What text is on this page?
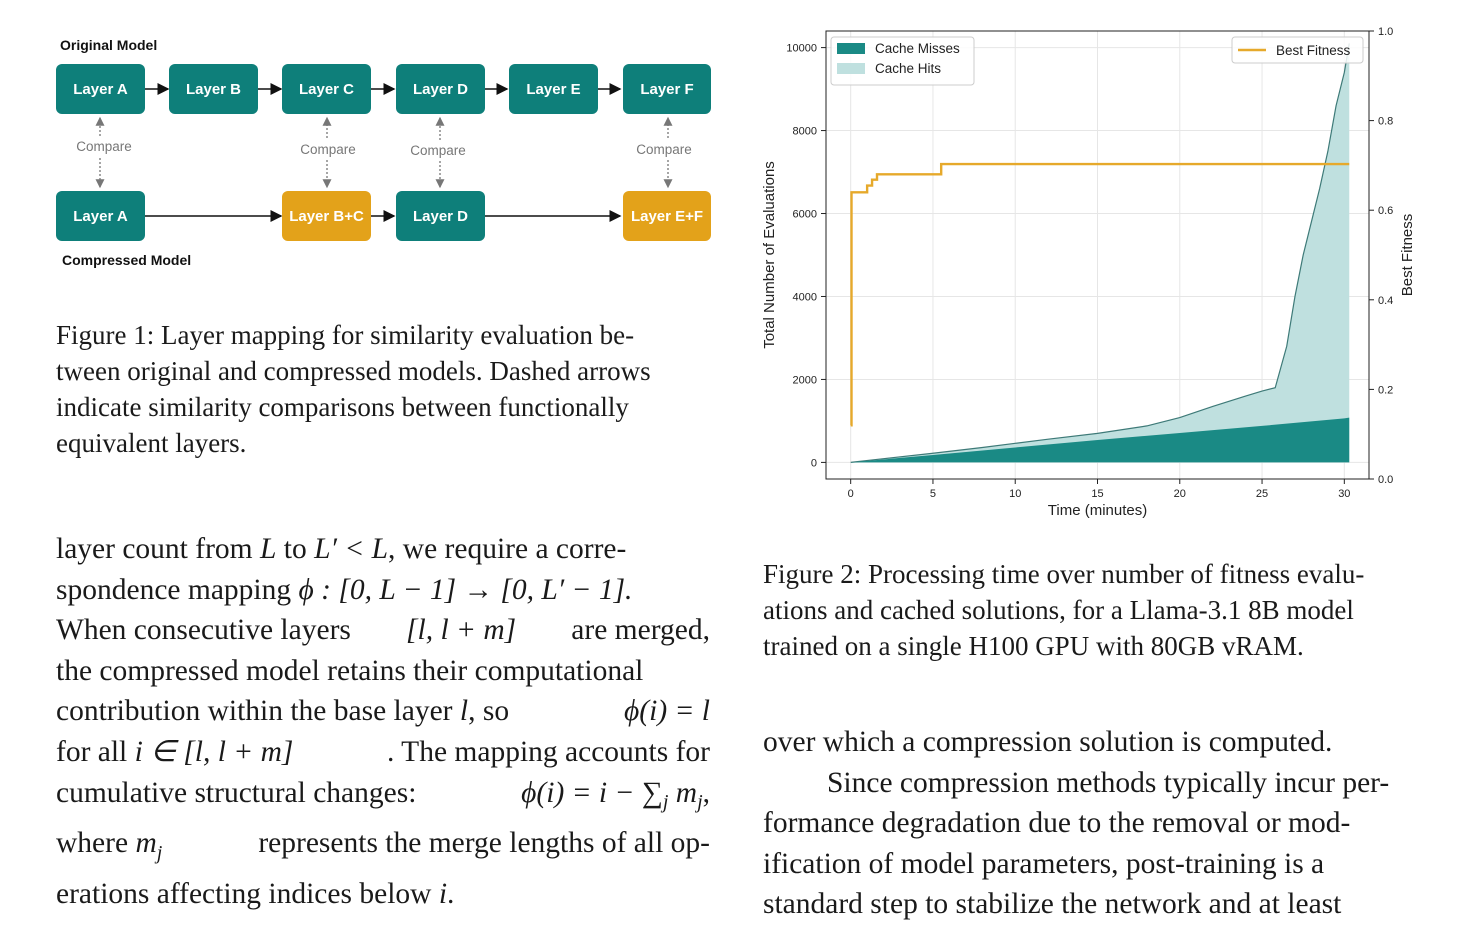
Original Model
Layer A	Layer B	Layer C	Layer D	Layer E	Layer F
Compare	Compare	Compare	Compare
Layer A	Layer B+C	Layer D	Layer E+F
Compressed Model
Figure 1: Layer mapping for similarity evaluation be-
tween original and compressed models. Dashed arrows
indicate similarity comparisons between functionally
equivalent layers.
layer count from L to L′ < L, we require a corre-
spondence mapping ϕ : [0, L − 1] → [0, L′ − 1].
When consecutive layers [l, l + m] are merged,
the compressed model retains their computational
contribution within the base layer l, so	ϕ(i) = l
for all i ∈ [l, l + m]	. The mapping accounts for
cumulative structural changes:	$\phi(i) = i - \sum_j$ $m_j$,
where $m_j$	represents the merge lengths of all op-
erations affecting indices below i.
0	5	10	15	20	25	30
0
2000
4000
6000
8000
10000
0.0
0.2
0.4
0.6
0.8
1.0
Time (minutes)
Total Number of Evaluations	Best Fitness
Cache Misses
Cache Hits
Best Fitness
Figure 2: Processing time over number of fitness evalu-
ations and cached solutions, for a Llama-3.1 8B model
trained on a single H100 GPU with 80GB vRAM.
over which a compression solution is computed.
Since compression methods typically incur per-
formance degradation due to the removal or mod-
ification of model parameters, post-training is a
standard step to stabilize the network and at least
